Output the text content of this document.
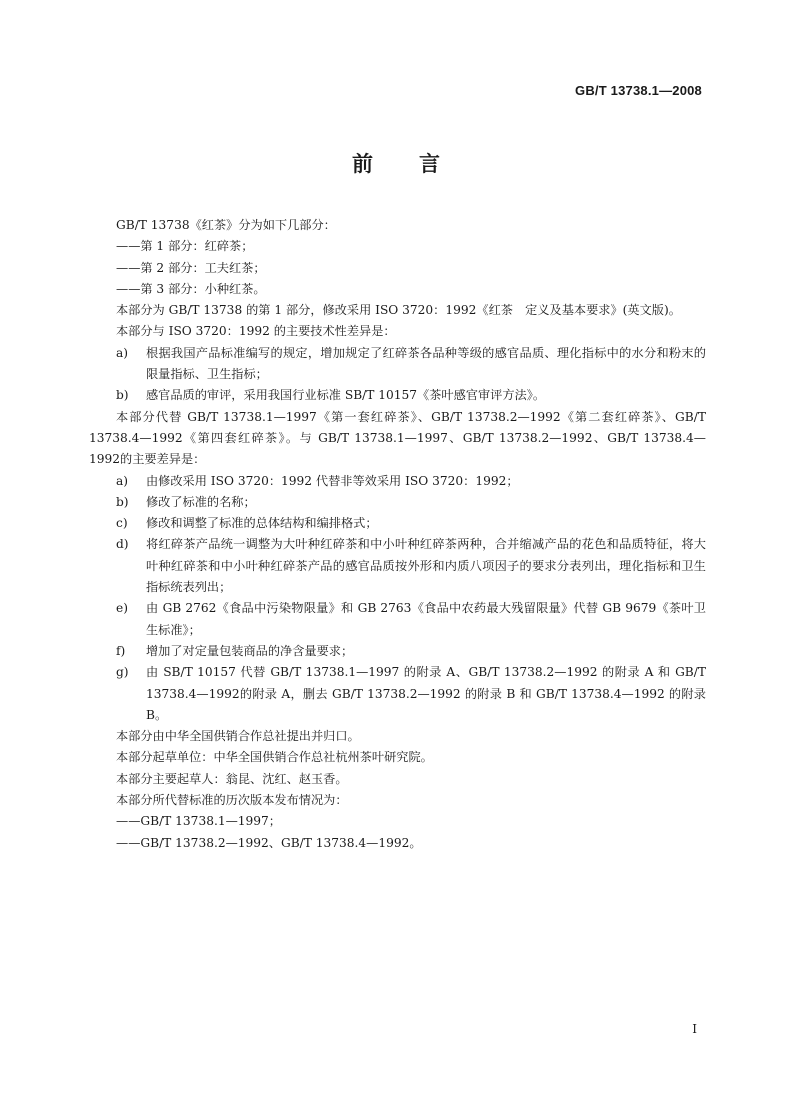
GB/T 13738.1—2008
前 言

GB/T 13738《红茶》分为如下几部分：

——第 1 部分：红碎茶；

——第 2 部分：工夫红茶；

——第 3 部分：小种红茶。

本部分为 GB/T 13738 的第 1 部分，修改采用 ISO 3720：1992《红茶　定义及基本要求》(英文版)。

本部分与 ISO 3720：1992 的主要技术性差异是：

a) 根据我国产品标准编写的规定，增加规定了红碎茶各品种等级的感官品质、理化指标中的水分和粉末的限量指标、卫生指标；
b) 感官品质的审评，采用我国行业标准 SB/T 10157《茶叶感官审评方法》。

本部分代替 GB/T 13738.1—1997《第一套红碎茶》、GB/T 13738.2—1992《第二套红碎茶》、GB/T 13738.4—1992《第四套红碎茶》。与 GB/T 13738.1—1997、GB/T 13738.2—1992、GB/T 13738.4—1992的主要差异是：

a) 由修改采用 ISO 3720：1992 代替非等效采用 ISO 3720：1992；
b) 修改了标准的名称；
c) 修改和调整了标准的总体结构和编排格式；
d) 将红碎茶产品统一调整为大叶种红碎茶和中小叶种红碎茶两种，合并缩减产品的花色和品质特征，将大叶种红碎茶和中小叶种红碎茶产品的感官品质按外形和内质八项因子的要求分表列出，理化指标和卫生指标统表列出；
e) 由 GB 2762《食品中污染物限量》和 GB 2763《食品中农药最大残留限量》代替 GB 9679《茶叶卫生标准》；
f) 增加了对定量包装商品的净含量要求；
g) 由 SB/T 10157 代替 GB/T 13738.1—1997 的附录 A、GB/T 13738.2—1992 的附录 A 和 GB/T 13738.4—1992的附录 A，删去 GB/T 13738.2—1992 的附录 B 和 GB/T 13738.4—1992 的附录 B。

本部分由中华全国供销合作总社提出并归口。

本部分起草单位：中华全国供销合作总社杭州茶叶研究院。

本部分主要起草人：翁昆、沈红、赵玉香。

本部分所代替标准的历次版本发布情况为：

——GB/T 13738.1—1997；

——GB/T 13738.2—1992、GB/T 13738.4—1992。

I
